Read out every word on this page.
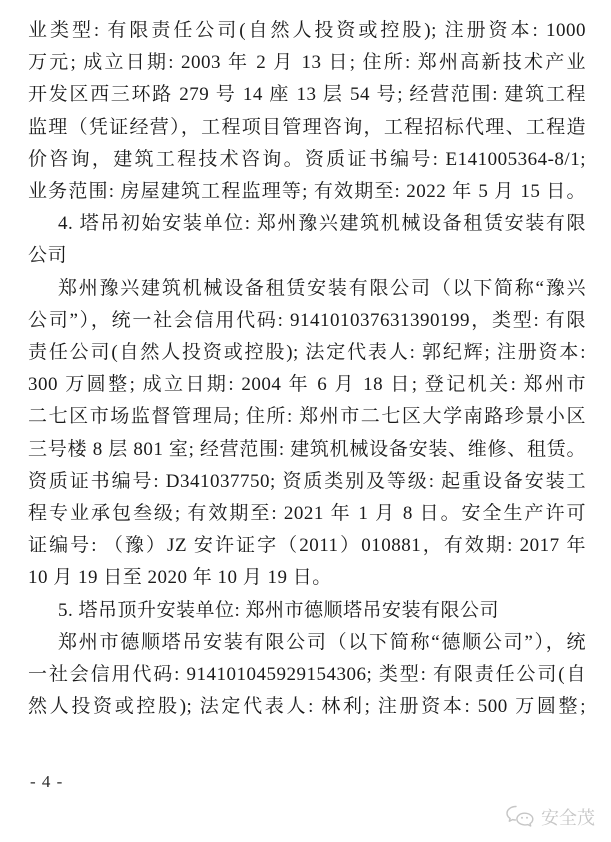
业类型: 有限责任公司(自然人投资或控股); 注册资本: 1000
万元; 成立日期: 2003 年 2 月 13 日; 住所: 郑州高新技术产业
开发区西三环路 279 号 14 座 13 层 54 号; 经营范围: 建筑工程
监理（凭证经营），工程项目管理咨询，工程招标代理、工程造
价咨询，建筑工程技术咨询。资质证书编号: E141005364-8/1;
业务范围: 房屋建筑工程监理等; 有效期至: 2022 年 5 月 15 日。
4. 塔吊初始安装单位: 郑州豫兴建筑机械设备租赁安装有限
公司
郑州豫兴建筑机械设备租赁安装有限公司（以下简称“豫兴
公司”），统一社会信用代码: 914101037631390199，类型: 有限
责任公司(自然人投资或控股); 法定代表人: 郭纪辉; 注册资本:
300 万圆整; 成立日期: 2004 年 6 月 18 日; 登记机关: 郑州市
二七区市场监督管理局; 住所: 郑州市二七区大学南路珍景小区
三号楼 8 层 801 室; 经营范围: 建筑机械设备安装、维修、租赁。
资质证书编号: D341037750; 资质类别及等级: 起重设备安装工
程专业承包叁级; 有效期至: 2021 年 1 月 8 日。安全生产许可
证编号: （豫）JZ 安许证字（2011）010881，有效期: 2017 年
10 月 19 日至 2020 年 10 月 19 日。
5. 塔吊顶升安装单位: 郑州市德顺塔吊安装有限公司
郑州市德顺塔吊安装有限公司（以下简称“德顺公司”），统
一社会信用代码: 914101045929154306; 类型: 有限责任公司(自
然人投资或控股); 法定代表人: 林利; 注册资本: 500 万圆整;
- 4 -
安全茂
